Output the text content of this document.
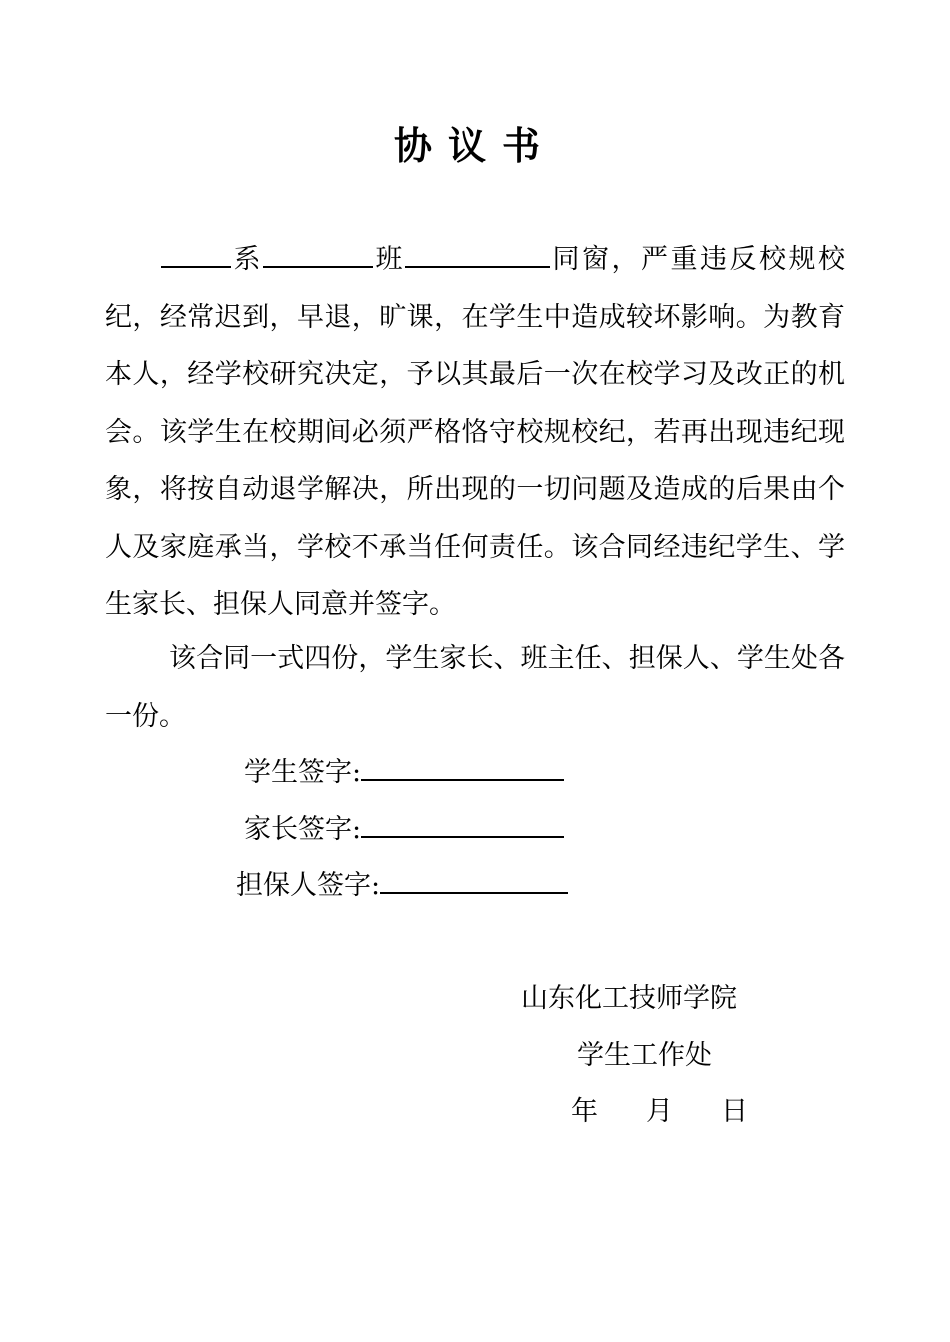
协议书
系	班	同窗，严重违反校规校纪，经常迟到，早退，旷课，在学生中造成较坏影响。为教育本人，经学校研究决定，予以其最后一次在校学习及改正的机会。该学生在校期间必须严格恪守校规校纪，若再出现违纪现象，将按自动退学解决，所出现的一切问题及造成的后果由个人及家庭承当，学校不承当任何责任。该合同经违纪学生、学生家长、担保人同意并签字。
该合同一式四份，学生家长、班主任、担保人、学生处各一份。
学生签字:
家长签字:
担保人签字:
山东化工技师学院
学生工作处
年 月 日
